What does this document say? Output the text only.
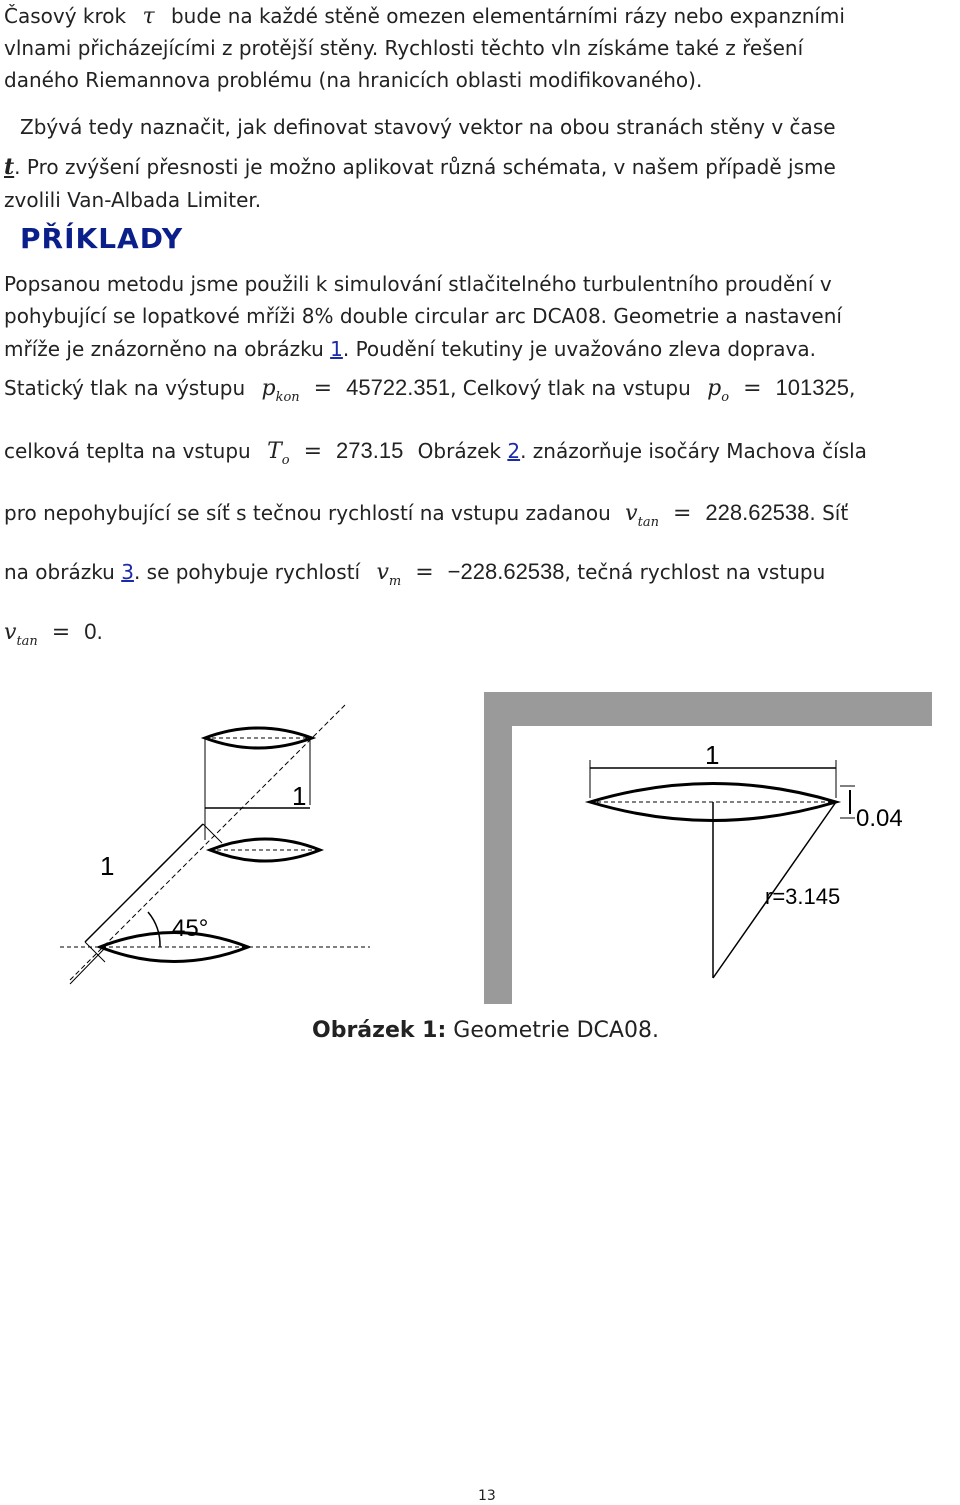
Časový krok τ bude na každé stěně omezen elementárními rázy nebo expanzními
vlnami přicházejícími z protější stěny. Rychlosti těchto vln získáme také z řešení
daného Riemannova problému (na hranicích oblasti modifikovaného).
Zbývá tedy naznačit, jak definovat stavový vektor na obou stranách stěny v čase
t. Pro zvýšení přesnosti je možno aplikovat různá schémata, v našem případě jsme
zvolili Van-Albada Limiter.
PŘÍKLADY
Popsanou metodu jsme použili k simulování stlačitelného turbulentního proudění v
pohybující se lopatkové mříži 8% double circular arc DCA08. Geometrie a nastavení
mříže je znázorněno na obrázku 1. Poudění tekutiny je uvažováno zleva doprava.
Statický tlak na výstupu $p_{kon} = 45722.351$, Celkový tlak na vstupu $p_o = 101325$,
celková teplta na vstupu $T_o = 273.15$ Obrázek 2. znázorňuje isočáry Machova čísla
pro nepohybující se síť s tečnou rychlostí na vstupu zadanou $v_{tan} = 228.62538$. Síť
na obrázku 3. se pohybuje rychlostí $v_m = -228.62538$, tečná rychlost na vstupu
$v_{tan} = 0$.
1
1
45°
1
0.04
r=3.145
Obrázek 1: Geometrie DCA08.
13
